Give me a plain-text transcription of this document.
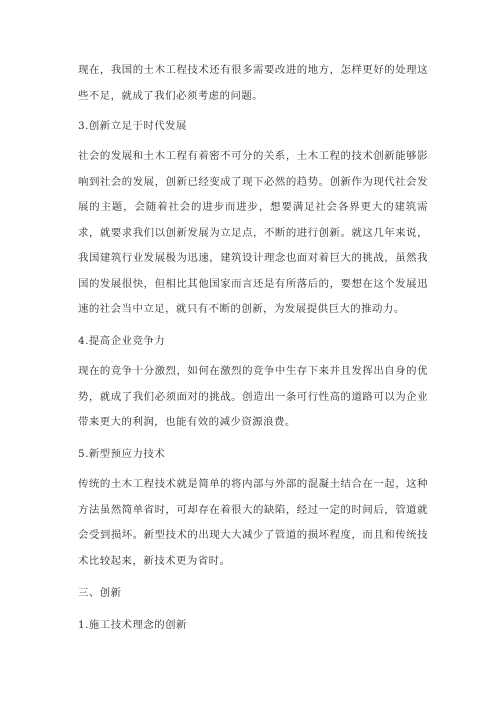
现在，我国的土木工程技术还有很多需要改进的地方，怎样更好的处理这些不足，就成了我们必须考虑的问题。

3.创新立足于时代发展

社会的发展和土木工程有着密不可分的关系，土木工程的技术创新能够影响到社会的发展，创新已经变成了现下必然的趋势。创新作为现代社会发展的主题，会随着社会的进步而进步，想要满足社会各界更大的建筑需求，就要求我们以创新发展为立足点，不断的进行创新。就这几年来说，我国建筑行业发展极为迅速，建筑设计理念也面对着巨大的挑战，虽然我国的发展很快，但相比其他国家而言还是有所落后的，要想在这个发展迅速的社会当中立足，就只有不断的创新，为发展提供巨大的推动力。

4.提高企业竞争力

现在的竞争十分激烈，如何在激烈的竞争中生存下来并且发挥出自身的优势，就成了我们必须面对的挑战。创造出一条可行性高的道路可以为企业带来更大的利润，也能有效的减少资源浪费。

5.新型预应力技术

传统的土木工程技术就是简单的将内部与外部的混凝土结合在一起，这种方法虽然简单省时，可却存在着很大的缺陷，经过一定的时间后，管道就会受到损坏。新型技术的出现大大减少了管道的损坏程度，而且和传统技术比较起来，新技术更为省时。

三、创新
1.施工技术理念的创新
